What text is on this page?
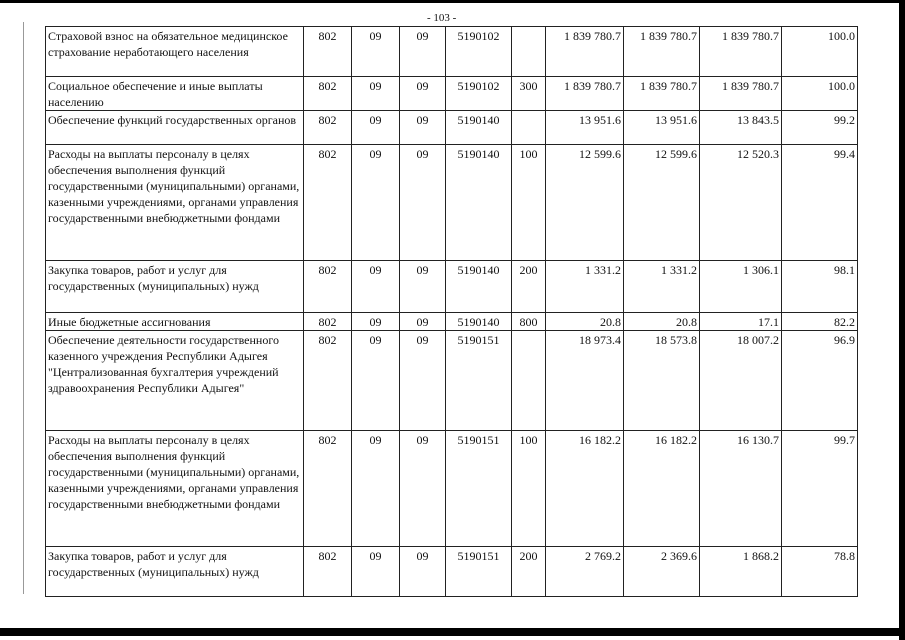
- 103 -
Страховой взнос на обязательное медицинское страхование неработающего населения	802	09	09	5190102		1 839 780.7	1 839 780.7	1 839 780.7	100.0
Социальное обеспечение и иные выплаты населению	802	09	09	5190102	300	1 839 780.7	1 839 780.7	1 839 780.7	100.0
Обеспечение функций государственных органов	802	09	09	5190140		13 951.6	13 951.6	13 843.5	99.2
Расходы на выплаты персоналу в целях обеспечения выполнения функций государственными (муниципальными) органами, казенными учреждениями, органами управления государственными внебюджетными фондами	802	09	09	5190140	100	12 599.6	12 599.6	12 520.3	99.4
Закупка товаров, работ и услуг для государственных (муниципальных) нужд	802	09	09	5190140	200	1 331.2	1 331.2	1 306.1	98.1
Иные бюджетные ассигнования	802	09	09	5190140	800	20.8	20.8	17.1	82.2
Обеспечение деятельности государственного казенного учреждения Республики Адыгея "Централизованная бухгалтерия учреждений здравоохранения Республики Адыгея"	802	09	09	5190151		18 973.4	18 573.8	18 007.2	96.9
Расходы на выплаты персоналу в целях обеспечения выполнения функций государственными (муниципальными) органами, казенными учреждениями, органами управления государственными внебюджетными фондами	802	09	09	5190151	100	16 182.2	16 182.2	16 130.7	99.7
Закупка товаров, работ и услуг для государственных (муниципальных) нужд	802	09	09	5190151	200	2 769.2	2 369.6	1 868.2	78.8
